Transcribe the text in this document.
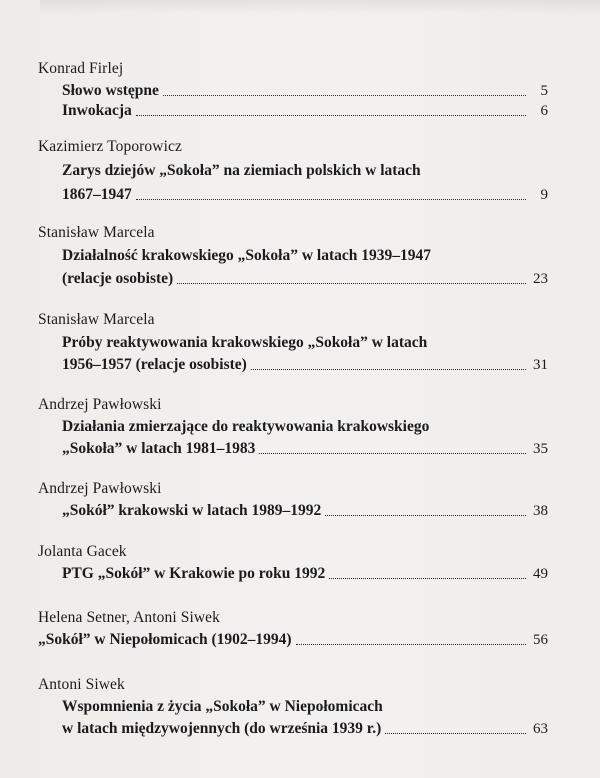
Konrad Firlej
Słowo wstępne	5
Inwokacja	6
Kazimierz Toporowicz
Zarys dziejów „Sokoła” na ziemiach polskich w latach
1867–1947	9
Stanisław Marcela
Działalność krakowskiego „Sokoła” w latach 1939–1947
(relacje osobiste)	23
Stanisław Marcela
Próby reaktywowania krakowskiego „Sokoła” w latach
1956–1957 (relacje osobiste)	31
Andrzej Pawłowski
Działania zmierzające do reaktywowania krakowskiego
„Sokoła” w latach 1981–1983	35
Andrzej Pawłowski
„Sokół” krakowski w latach 1989–1992	38
Jolanta Gacek
PTG „Sokół” w Krakowie po roku 1992	49
Helena Setner, Antoni Siwek
„Sokół” w Niepołomicach (1902–1994)	56
Antoni Siwek
Wspomnienia z życia „Sokoła” w Niepołomicach
w latach międzywojennych (do września 1939 r.)	63
